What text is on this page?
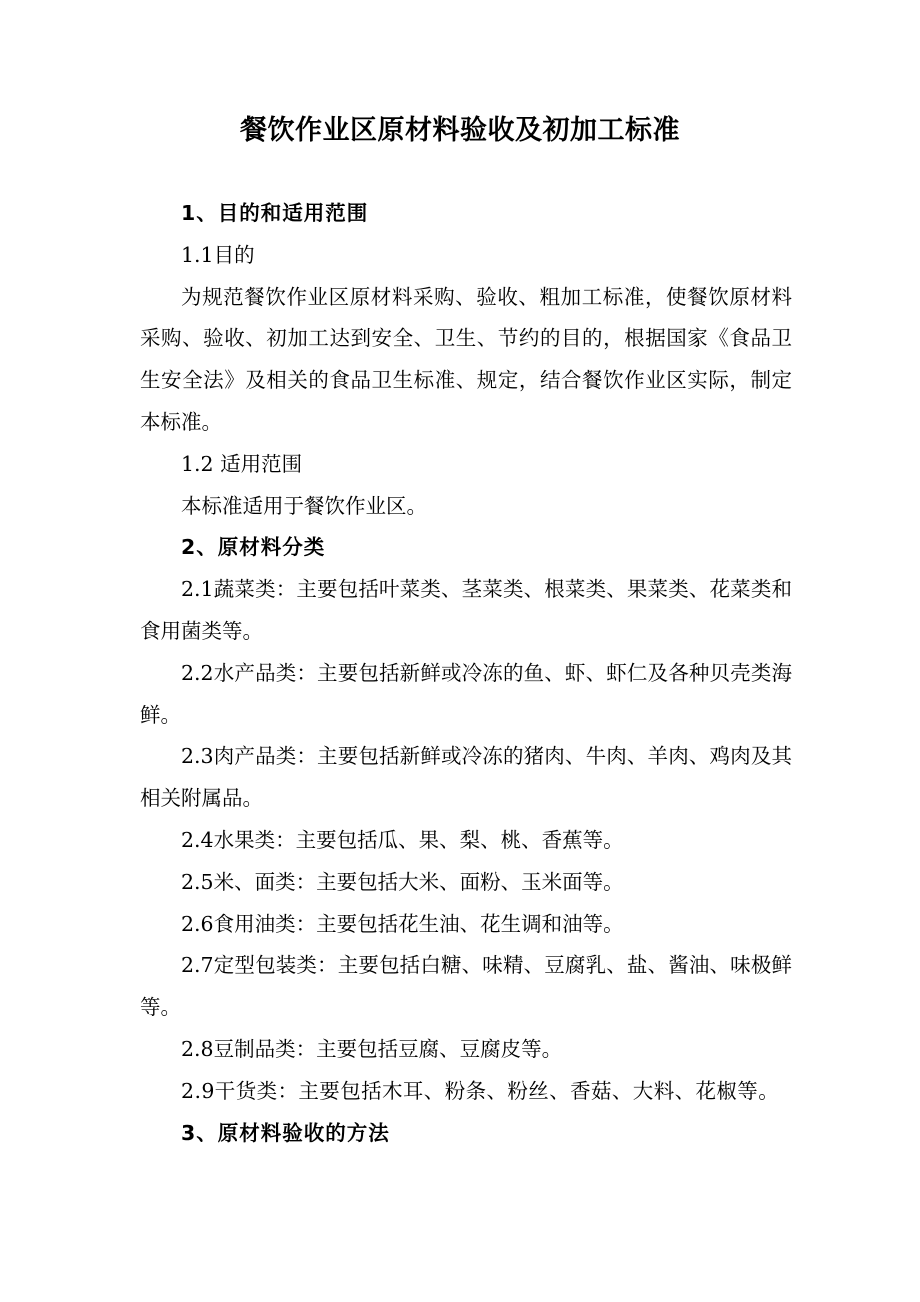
餐饮作业区原材料验收及初加工标准

1、目的和适用范围

1.1目的

为规范餐饮作业区原材料采购、验收、粗加工标准，使餐饮原材料采购、验收、初加工达到安全、卫生、节约的目的，根据国家《食品卫生安全法》及相关的食品卫生标准、规定，结合餐饮作业区实际，制定本标准。

1.2 适用范围

本标准适用于餐饮作业区。

2、原材料分类

2.1蔬菜类：主要包括叶菜类、茎菜类、根菜类、果菜类、花菜类和食用菌类等。

2.2水产品类：主要包括新鲜或冷冻的鱼、虾、虾仁及各种贝壳类海鲜。

2.3肉产品类：主要包括新鲜或冷冻的猪肉、牛肉、羊肉、鸡肉及其相关附属品。

2.4水果类：主要包括瓜、果、梨、桃、香蕉等。

2.5米、面类：主要包括大米、面粉、玉米面等。

2.6食用油类：主要包括花生油、花生调和油等。

2.7定型包装类：主要包括白糖、味精、豆腐乳、盐、酱油、味极鲜等。

2.8豆制品类：主要包括豆腐、豆腐皮等。

2.9干货类：主要包括木耳、粉条、粉丝、香菇、大料、花椒等。

3、原材料验收的方法
